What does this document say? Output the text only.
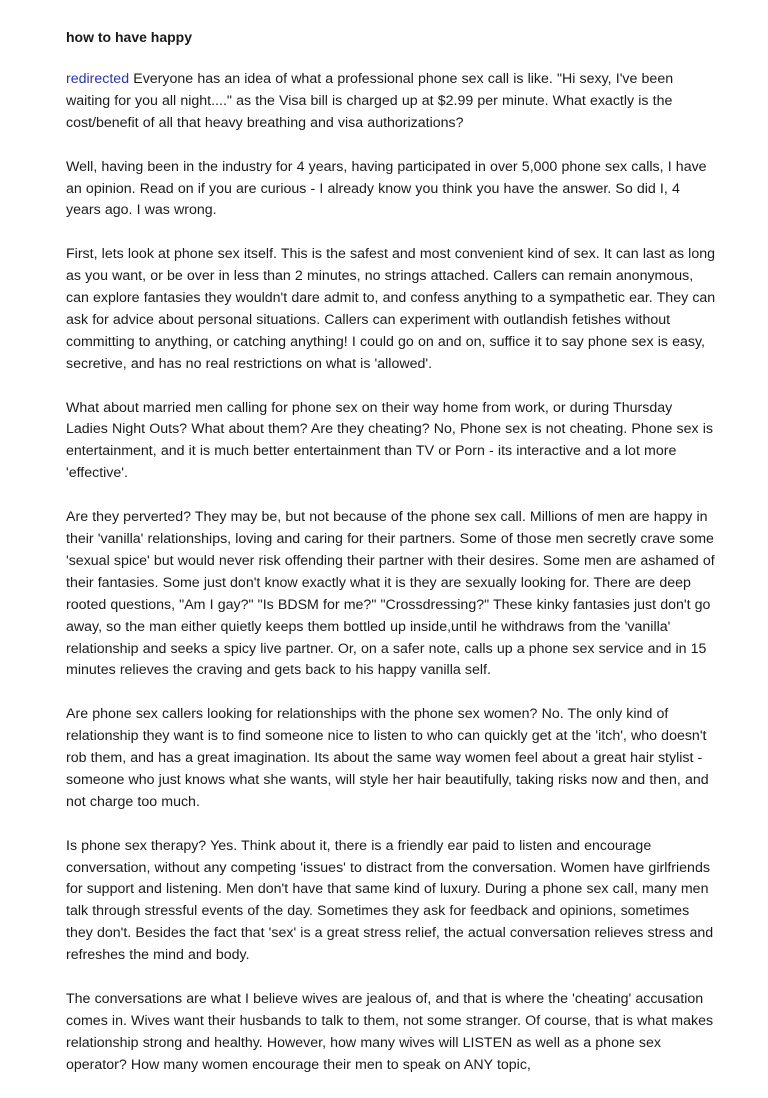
how to have happy

redirected Everyone has an idea of what a professional phone sex call is like. "Hi sexy, I've been waiting for you all night...." as the Visa bill is charged up at $2.99 per minute. What exactly is the cost/benefit of all that heavy breathing and visa authorizations?

Well, having been in the industry for 4 years, having participated in over 5,000 phone sex calls, I have an opinion. Read on if you are curious - I already know you think you have the answer. So did I, 4 years ago. I was wrong.

First, lets look at phone sex itself. This is the safest and most convenient kind of sex. It can last as long as you want, or be over in less than 2 minutes, no strings attached. Callers can remain anonymous, can explore fantasies they wouldn't dare admit to, and confess anything to a sympathetic ear. They can ask for advice about personal situations. Callers can experiment with outlandish fetishes without committing to anything, or catching anything! I could go on and on, suffice it to say phone sex is easy, secretive, and has no real restrictions on what is 'allowed'.

What about married men calling for phone sex on their way home from work, or during Thursday Ladies Night Outs? What about them? Are they cheating? No, Phone sex is not cheating. Phone sex is entertainment, and it is much better entertainment than TV or Porn - its interactive and a lot more 'effective'.

Are they perverted? They may be, but not because of the phone sex call. Millions of men are happy in their 'vanilla' relationships, loving and caring for their partners. Some of those men secretly crave some 'sexual spice' but would never risk offending their partner with their desires. Some men are ashamed of their fantasies. Some just don't know exactly what it is they are sexually looking for. There are deep rooted questions, "Am I gay?" "Is BDSM for me?" "Crossdressing?" These kinky fantasies just don't go away, so the man either quietly keeps them bottled up inside,until he withdraws from the 'vanilla' relationship and seeks a spicy live partner. Or, on a safer note, calls up a phone sex service and in 15 minutes relieves the craving and gets back to his happy vanilla self.

Are phone sex callers looking for relationships with the phone sex women? No. The only kind of relationship they want is to find someone nice to listen to who can quickly get at the 'itch', who doesn't rob them, and has a great imagination. Its about the same way women feel about a great hair stylist - someone who just knows what she wants, will style her hair beautifully, taking risks now and then, and not charge too much.

Is phone sex therapy? Yes. Think about it, there is a friendly ear paid to listen and encourage conversation, without any competing 'issues' to distract from the conversation. Women have girlfriends for support and listening. Men don't have that same kind of luxury. During a phone sex call, many men talk through stressful events of the day. Sometimes they ask for feedback and opinions, sometimes they don't. Besides the fact that 'sex' is a great stress relief, the actual conversation relieves stress and refreshes the mind and body.

The conversations are what I believe wives are jealous of, and that is where the 'cheating' accusation comes in. Wives want their husbands to talk to them, not some stranger. Of course, that is what makes relationship strong and healthy. However, how many wives will LISTEN as well as a phone sex operator? How many women encourage their men to speak on ANY topic,
